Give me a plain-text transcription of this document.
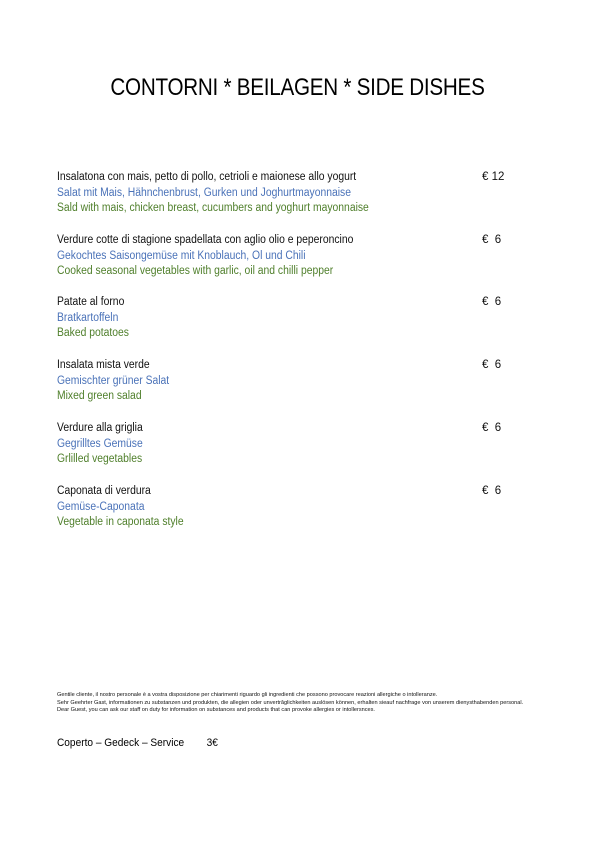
CONTORNI * BEILAGEN * SIDE DISHES
Insalatona con mais, petto di pollo, cetrioli e maionese allo yogurt
Salat mit Mais, Hähnchenbrust, Gurken und Joghurtmayonnaise
Sald with mais, chicken breast, cucumbers and yoghurt mayonnaise
€ 12
Verdure cotte di stagione spadellata con aglio olio e peperoncino
Gekochtes Saisongemüse mit Knoblauch, Öl und Chili
Cooked seasonal vegetables with garlic, oil and chilli pepper
€  6
Patate al forno
Bratkartoffeln
Baked potatoes
€  6
Insalata mista verde
Gemischter grüner Salat
Mixed green salad
€  6
Verdure alla griglia
Gegrilltes Gemüse
Grlilled vegetables
€  6
Caponata di verdura
Gemüse-Caponata
Vegetable in caponata style
€  6
Gentile cliente, il nostro personale è a vostra disposizione per chiarimenti riguardo gli ingredienti che possono provocare reazioni allergiche o intolleranze.
Sehr Geehrter Gast, informationen zu substanzen und produkten, die allegien oder unvertrăglichkeiten auslösen können, erhalten sieauf nachfrage von unserem dienysthabenden personal.
Dear Guest, you can ask our staff on duty for information on substances and products that can provoke allergies or intollersnces.
Coperto – Gedeck – Service        3€
